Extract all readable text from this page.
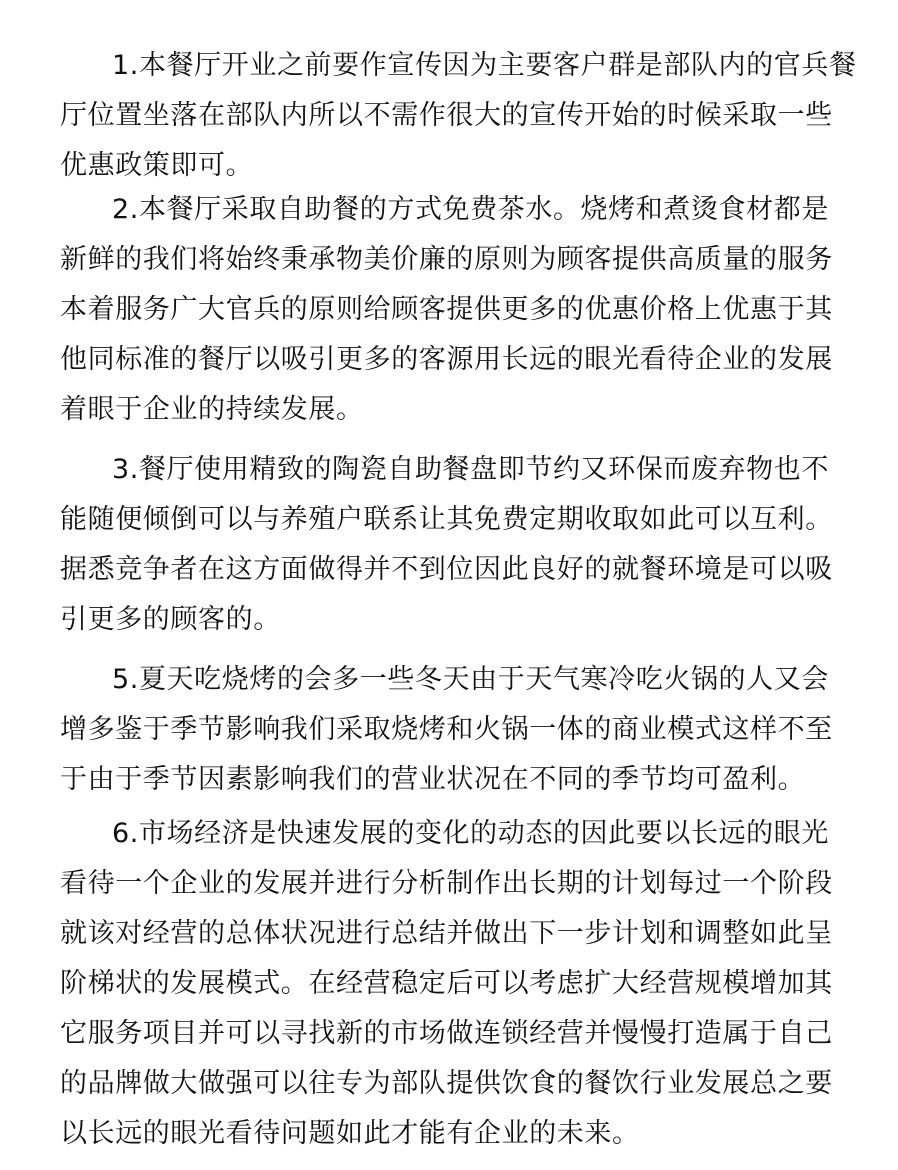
1.本餐厅开业之前要作宣传因为主要客户群是部队内的官兵餐
厅位置坐落在部队内所以不需作很大的宣传开始的时候采取一些
优惠政策即可。
2.本餐厅采取自助餐的方式免费茶水。烧烤和煮烫食材都是
新鲜的我们将始终秉承物美价廉的原则为顾客提供高质量的服务
本着服务广大官兵的原则给顾客提供更多的优惠价格上优惠于其
他同标准的餐厅以吸引更多的客源用长远的眼光看待企业的发展
着眼于企业的持续发展。
3.餐厅使用精致的陶瓷自助餐盘即节约又环保而废弃物也不
能随便倾倒可以与养殖户联系让其免费定期收取如此可以互利。
据悉竞争者在这方面做得并不到位因此良好的就餐环境是可以吸
引更多的顾客的。
5.夏天吃烧烤的会多一些冬天由于天气寒冷吃火锅的人又会
增多鉴于季节影响我们采取烧烤和火锅一体的商业模式这样不至
于由于季节因素影响我们的营业状况在不同的季节均可盈利。
6.市场经济是快速发展的变化的动态的因此要以长远的眼光
看待一个企业的发展并进行分析制作出长期的计划每过一个阶段
就该对经营的总体状况进行总结并做出下一步计划和调整如此呈
阶梯状的发展模式。在经营稳定后可以考虑扩大经营规模增加其
它服务项目并可以寻找新的市场做连锁经营并慢慢打造属于自己
的品牌做大做强可以往专为部队提供饮食的餐饮行业发展总之要
以长远的眼光看待问题如此才能有企业的未来。
